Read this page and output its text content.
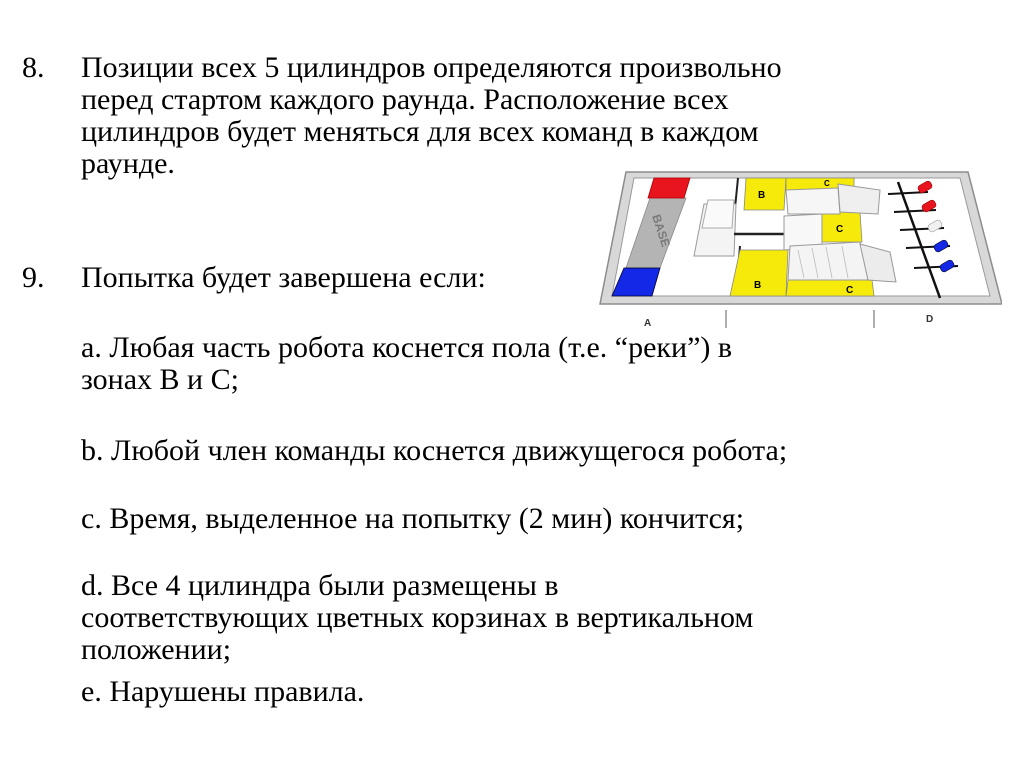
8. Позиции всех 5 цилиндров определяются произвольно
перед стартом каждого раунда. Расположение всех
цилиндров будет меняться для всех команд в каждом
раунде.
9. Попытка будет завершена если:
a. Любая часть робота коснется пола (т.е. “реки”) в
зонах B и C;
b. Любой член команды коснется движущегося робота;
c. Время, выделенное на попытку (2 мин) кончится;
d. Все 4 цилиндра были размещены в
соответствующих цветных корзинах в вертикальном
положении;
e. Нарушены правила.
BASE
B
C
C
B	C
A	D
